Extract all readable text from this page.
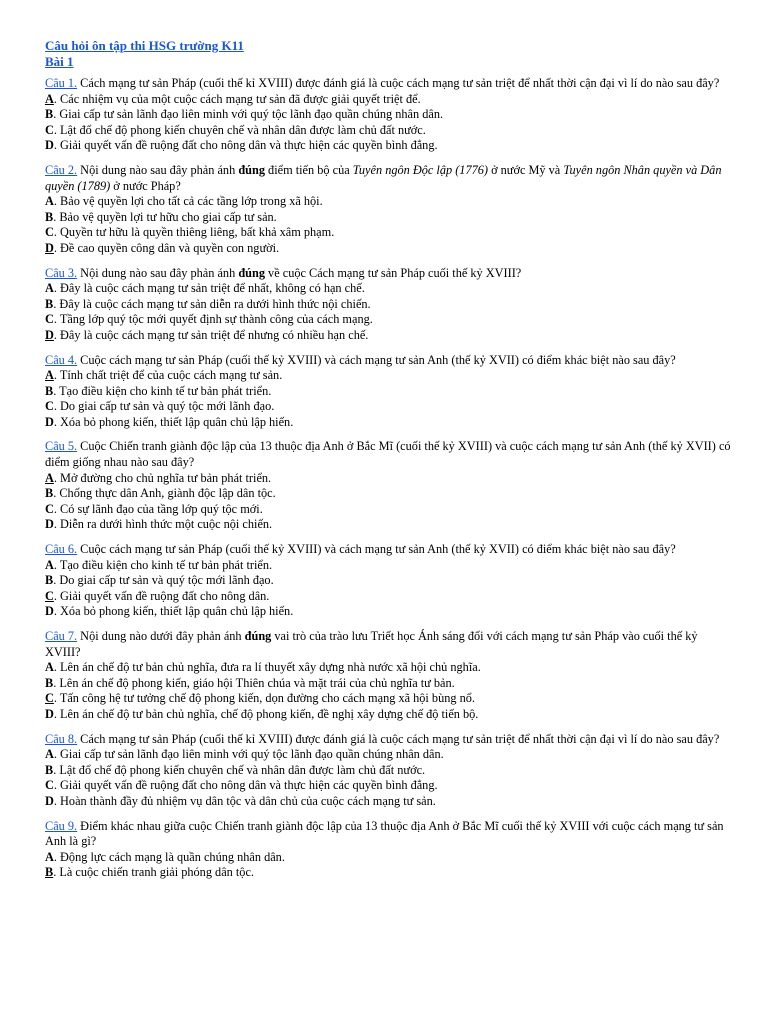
Câu hỏi ôn tập thi HSG trường K11
Bài 1
Câu 1. Cách mạng tư sản Pháp (cuối thế kỉ XVIII) được đánh giá là cuộc cách mạng tư sản triệt để nhất thời cận đại vì lí do nào sau đây?
A. Các nhiệm vụ của một cuộc cách mạng tư sản đã được giải quyết triệt để.
B. Giai cấp tư sản lãnh đạo liên minh với quý tộc lãnh đạo quần chúng nhân dân.
C. Lật đổ chế độ phong kiến chuyên chế và nhân dân được làm chủ đất nước.
D. Giải quyết vấn đề ruộng đất cho nông dân và thực hiện các quyền bình đẳng.
Câu 2. Nội dung nào sau đây phản ánh đúng điểm tiến bộ của Tuyên ngôn Độc lập (1776) ở nước Mỹ và Tuyên ngôn Nhân quyền và Dân quyền (1789) ở nước Pháp?
A. Bảo vệ quyền lợi cho tất cả các tầng lớp trong xã hội.
B. Bảo vệ quyền lợi tư hữu cho giai cấp tư sản.
C. Quyền tư hữu là quyền thiêng liêng, bất khả xâm phạm.
D. Đề cao quyền công dân và quyền con người.
Câu 3. Nội dung nào sau đây phản ánh đúng về cuộc Cách mạng tư sản Pháp cuối thế kỷ XVIII?
A. Đây là cuộc cách mạng tư sản triệt để nhất, không có hạn chế.
B. Đây là cuộc cách mạng tư sản diễn ra dưới hình thức nội chiến.
C. Tầng lớp quý tộc mới quyết định sự thành công của cách mạng.
D. Đây là cuộc cách mạng tư sản triệt để nhưng có nhiều hạn chế.
Câu 4. Cuộc cách mạng tư sản Pháp (cuối thế kỷ XVIII) và cách mạng tư sản Anh (thế kỷ XVII) có điểm khác biệt nào sau đây?
A. Tính chất triệt để của cuộc cách mạng tư sản.
B. Tạo điều kiện cho kinh tế tư bản phát triển.
C. Do giai cấp tư sản và quý tộc mới lãnh đạo.
D. Xóa bỏ phong kiến, thiết lập quân chủ lập hiến.
Câu 5. Cuộc Chiến tranh giành độc lập của 13 thuộc địa Anh ở Bắc Mĩ (cuối thế kỷ XVIII) và cuộc cách mạng tư sản Anh (thế kỷ XVII) có điểm giống nhau nào sau đây?
A. Mở đường cho chủ nghĩa tư bản phát triển.
B. Chống thực dân Anh, giành độc lập dân tộc.
C. Có sự lãnh đạo của tầng lớp quý tộc mới.
D. Diễn ra dưới hình thức một cuộc nội chiến.
Câu 6. Cuộc cách mạng tư sản Pháp (cuối thế kỷ XVIII) và cách mạng tư sản Anh (thế kỷ XVII) có điểm khác biệt nào sau đây?
A. Tạo điều kiện cho kinh tế tư bản phát triển.
B. Do giai cấp tư sản và quý tộc mới lãnh đạo.
C. Giải quyết vấn đề ruộng đất cho nông dân.
D. Xóa bỏ phong kiến, thiết lập quân chủ lập hiến.
Câu 7. Nội dung nào dưới đây phản ánh đúng vai trò của trào lưu Triết học Ánh sáng đối với cách mạng tư sản Pháp vào cuối thế kỷ XVIII?
A. Lên án chế độ tư bản chủ nghĩa, đưa ra lí thuyết xây dựng nhà nước xã hội chủ nghĩa.
B. Lên án chế độ phong kiến, giáo hội Thiên chúa và mặt trái của chủ nghĩa tư bản.
C. Tấn công hệ tư tưởng chế độ phong kiến, dọn đường cho cách mạng xã hội bùng nổ.
D. Lên án chế độ tư bản chủ nghĩa, chế độ phong kiến, đề nghị xây dựng chế độ tiến bộ.
Câu 8. Cách mạng tư sản Pháp (cuối thế kỉ XVIII) được đánh giá là cuộc cách mạng tư sản triệt để nhất thời cận đại vì lí do nào sau đây?
A. Giai cấp tư sản lãnh đạo liên minh với quý tộc lãnh đạo quần chúng nhân dân.
B. Lật đổ chế độ phong kiến chuyên chế và nhân dân được làm chủ đất nước.
C. Giải quyết vấn đề ruộng đất cho nông dân và thực hiện các quyền bình đẳng.
D. Hoàn thành đầy đủ nhiệm vụ dân tộc và dân chủ của cuộc cách mạng tư sản.
Câu 9. Điểm khác nhau giữa cuộc Chiến tranh giành độc lập của 13 thuộc địa Anh ở Bắc Mĩ cuối thế kỷ XVIII với cuộc cách mạng tư sản Anh là gì?
A. Động lực cách mạng là quần chúng nhân dân.
B. Là cuộc chiến tranh giải phóng dân tộc.
